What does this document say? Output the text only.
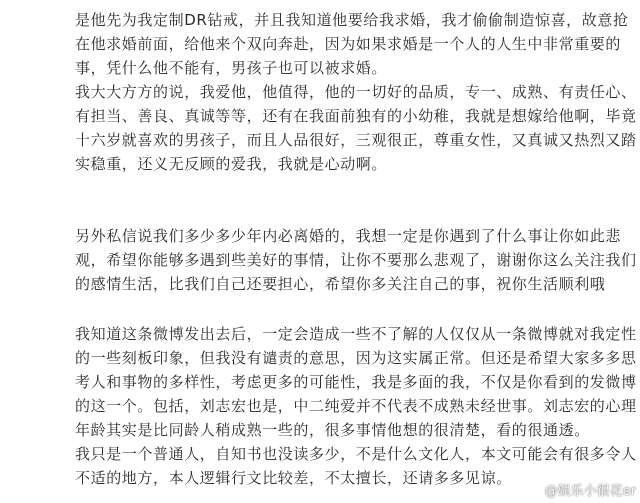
是他先为我定制DR钻戒，并且我知道他要给我求婚，我才偷偷制造惊喜，故意抢
在他求婚前面，给他来个双向奔赴，因为如果求婚是一个人的人生中非常重要的
事，凭什么他不能有，男孩子也可以被求婚。
我大大方方的说，我爱他，他值得，他的一切好的品质，专一、成熟、有责任心、
有担当、善良、真诚等等，还有在我面前独有的小幼稚，我就是想嫁给他啊，毕竟
十六岁就喜欢的男孩子，而且人品很好，三观很正，尊重女性，又真诚又热烈又踏
实稳重，还义无反顾的爱我，我就是心动啊。
另外私信说我们多少多少年内必离婚的，我想一定是你遇到了什么事让你如此悲
观，希望你能够多遇到些美好的事情，让你不要那么悲观了，谢谢你这么关注我们
的感情生活，比我们自己还要担心，希望你多关注自己的事，祝你生活顺利哦
我知道这条微博发出去后，一定会造成一些不了解的人仅仅从一条微博就对我定性
的一些刻板印象，但我没有谴责的意思，因为这实属正常。但还是希望大家多多思
考人和事物的多样性，考虑更多的可能性，我是多面的我，不仅是你看到的发微博
的这一个。包括，刘志宏也是，中二纯爱并不代表不成熟未经世事。刘志宏的心理
年龄其实是比同龄人稍成熟一些的，很多事情他想的很清楚，看的很通透。
我只是一个普通人，自知书也没读多少，不是什么文化人，本文可能会有很多令人
不适的地方，本人逻辑行文比较差，不太擅长，还请多多见谅。
@娱乐小很花er
